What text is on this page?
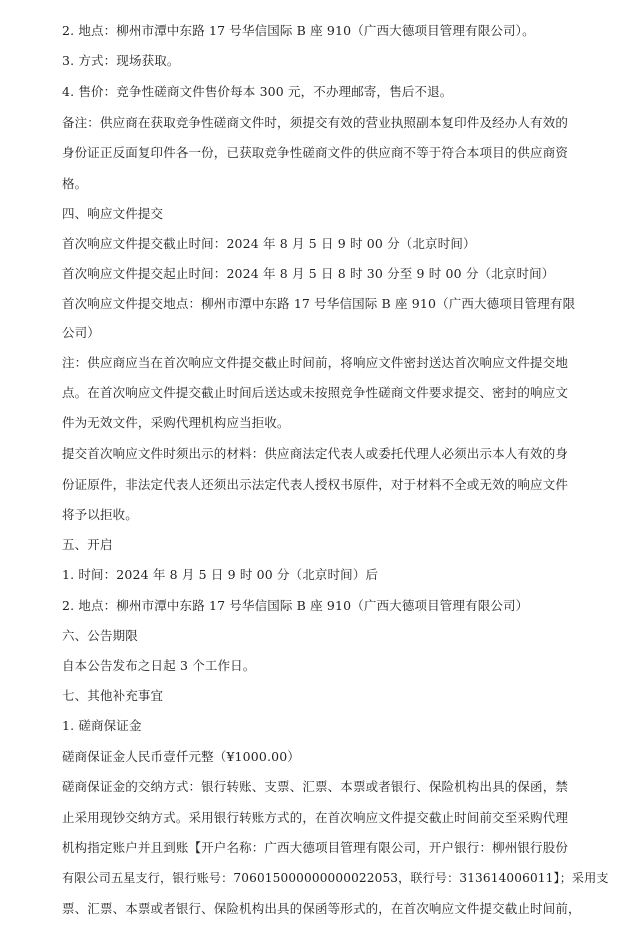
2. 地点：柳州市潭中东路 17 号华信国际 B 座 910（广西大德项目管理有限公司）。
3. 方式：现场获取。
4. 售价：竞争性磋商文件售价每本 300 元，不办理邮寄，售后不退。
备注：供应商在获取竞争性磋商文件时，须提交有效的营业执照副本复印件及经办人有效的
身份证正反面复印件各一份，已获取竞争性磋商文件的供应商不等于符合本项目的供应商资
格。
四、响应文件提交
首次响应文件提交截止时间：2024 年 8 月 5 日 9 时 00 分（北京时间）
首次响应文件提交起止时间：2024 年 8 月 5 日 8 时 30 分至 9 时 00 分（北京时间）
首次响应文件提交地点：柳州市潭中东路 17 号华信国际 B 座 910（广西大德项目管理有限
公司）
注：供应商应当在首次响应文件提交截止时间前，将响应文件密封送达首次响应文件提交地
点。在首次响应文件提交截止时间后送达或未按照竞争性磋商文件要求提交、密封的响应文
件为无效文件，采购代理机构应当拒收。
提交首次响应文件时须出示的材料：供应商法定代表人或委托代理人必须出示本人有效的身
份证原件，非法定代表人还须出示法定代表人授权书原件，对于材料不全或无效的响应文件
将予以拒收。
五、开启
1. 时间：2024 年 8 月 5 日 9 时 00 分（北京时间）后
2. 地点：柳州市潭中东路 17 号华信国际 B 座 910（广西大德项目管理有限公司）
六、公告期限
自本公告发布之日起 3 个工作日。
七、其他补充事宜
1. 磋商保证金
磋商保证金人民币壹仟元整（¥1000.00）
磋商保证金的交纳方式：银行转账、支票、汇票、本票或者银行、保险机构出具的保函，禁
止采用现钞交纳方式。采用银行转账方式的，在首次响应文件提交截止时间前交至采购代理
机构指定账户并且到账【开户名称：广西大德项目管理有限公司，开户银行：柳州银行股份
有限公司五星支行，银行账号：706015000000000022053，联行号：313614006011】；采用支
票、汇票、本票或者银行、保险机构出具的保函等形式的，在首次响应文件提交截止时间前，
